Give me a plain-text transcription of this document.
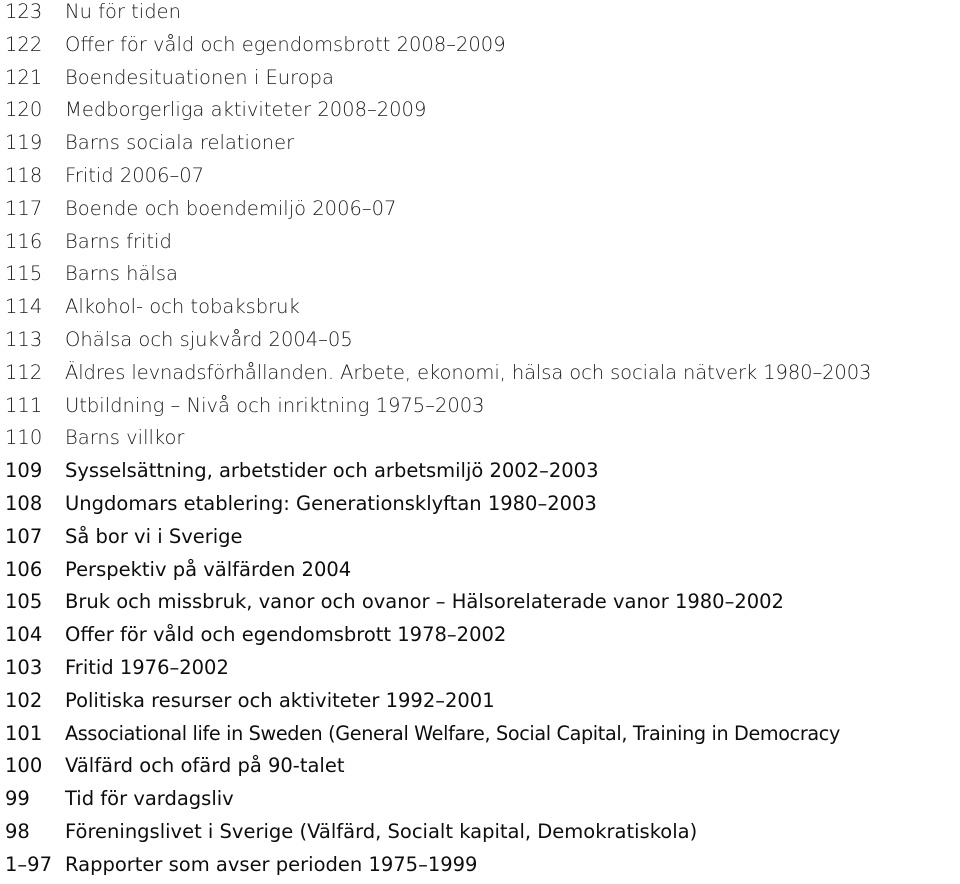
123 Nu för tiden
122 Offer för våld och egendomsbrott 2008–2009
121 Boendesituationen i Europa
120 Medborgerliga aktiviteter 2008–2009
119 Barns sociala relationer
118 Fritid 2006–07
117 Boende och boendemiljö 2006–07
116 Barns fritid
115 Barns hälsa
114 Alkohol- och tobaksbruk
113 Ohälsa och sjukvård 2004–05
112 Äldres levnadsförhållanden. Arbete, ekonomi, hälsa och sociala nätverk 1980–2003
111 Utbildning – Nivå och inriktning 1975–2003
110 Barns villkor
109 Sysselsättning, arbetstider och arbetsmiljö 2002–2003
108 Ungdomars etablering: Generationsklyftan 1980–2003
107 Så bor vi i Sverige
106 Perspektiv på välfärden 2004
105 Bruk och missbruk, vanor och ovanor – Hälsorelaterade vanor 1980–2002
104 Offer för våld och egendomsbrott 1978–2002
103 Fritid 1976–2002
102 Politiska resurser och aktiviteter 1992–2001
101 Associational life in Sweden (General Welfare, Social Capital, Training in Democracy
100 Välfärd och ofärd på 90-talet
99 Tid för vardagsliv
98 Föreningslivet i Sverige (Välfärd, Socialt kapital, Demokratiskola)
1–97 Rapporter som avser perioden 1975–1999
